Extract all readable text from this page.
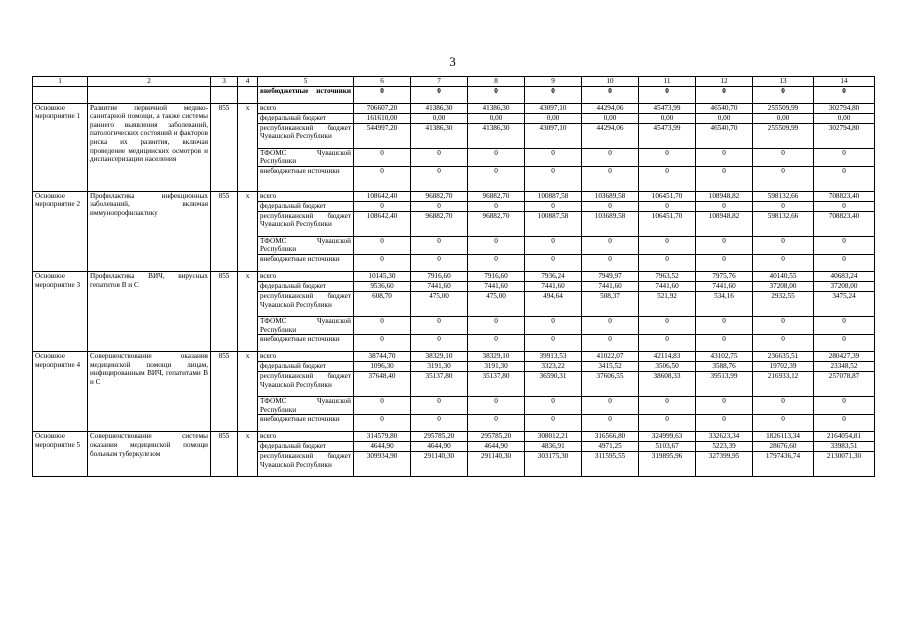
3
1	2	3	4	5	6	7	8	9	10	11	12	13	14
				внебюджетные источники	0	0	0	0	0	0	0	0	0
Основное мероприятие 1	Развитие первичной медико-санитарной помощи, а также системы раннего выявления заболеваний, патологических состояний и факторов риска их развития, включая проведение медицинских осмотров и диспансеризации населения	855	x	всего	706607,20	41386,30	41386,30	43097,10	44294,06	45473,99	46540,70	255509,99	302794,80
				федеральный бюджет	161610,00	0,00	0,00	0,00	0,00	0,00	0,00	0,00	0,00
				республиканский бюджет Чувашской Республики	544997,20	41386,30	41386,30	43097,10	44294,06	45473,99	46540,70	255509,99	302794,80
				ТФОМС Чувашской Республики	0	0	0	0	0	0	0	0	0
				внебюджетные источники	0	0	0	0	0	0	0	0	0
Основное мероприятие 2	Профилактика инфекционных заболеваний, включая иммунопрофилактику	855	x	всего	108642,40	96882,70	96882,70	100887,58	103689,58	106451,70	108948,82	598132,66	708823,40
				федеральный бюджет	0	0	0	0	0	0	0	0	0
				республиканский бюджет Чувашской Республики	108642,40	96882,70	96882,70	100887,58	103689,58	106451,70	108948,82	598132,66	708823,40
				ТФОМС Чувашской Республики	0	0	0	0	0	0	0	0	0
				внебюджетные источники	0	0	0	0	0	0	0	0	0
Основное мероприятие 3	Профилактика ВИЧ, вирусных гепатитов В и С	855	x	всего	10145,30	7916,60	7916,60	7936,24	7949,97	7963,52	7975,76	40140,55	40683,24
				федеральный бюджет	9536,60	7441,60	7441,60	7441,60	7441,60	7441,60	7441,60	37208,00	37208,00
				республиканский бюджет Чувашской Республики	608,70	475,00	475,00	494,64	508,37	521,92	534,16	2932,55	3475,24
				ТФОМС Чувашской Республики	0	0	0	0	0	0	0	0	0
				внебюджетные источники	0	0	0	0	0	0	0	0	0
Основное мероприятие 4	Совершенствование оказания медицинской помощи лицам, инфицированным ВИЧ, гепатитами В и С	855	x	всего	38744,70	38329,10	38329,10	39913,53	41022,07	42114,83	43102,75	236635,51	280427,39
				федеральный бюджет	1096,30	3191,30	3191,30	3323,22	3415,52	3506,50	3588,76	19702,39	23348,52
				республиканский бюджет Чувашской Республики	37648,40	35137,80	35137,80	36590,31	37606,55	38608,33	39513,99	216933,12	257078,87
				ТФОМС Чувашской Республики	0	0	0	0	0	0	0	0	0
				внебюджетные источники	0	0	0	0	0	0	0	0	0
Основное мероприятие 5	Совершенствование системы оказания медицинской помощи больным туберкулезом	855	x	всего	314579,80	295785,20	295785,20	308012,21	316566,80	324999,63	332623,34	1826113,34	2164054,81
				федеральный бюджет	4644,90	4644,90	4644,90	4836,91	4971,25	5103,67	5223,39	28676,60	33983,51
				республиканский бюджет Чувашской Республики	309934,90	291140,30	291140,30	303175,30	311595,55	319895,96	327399,95	1797436,74	2130071,30
